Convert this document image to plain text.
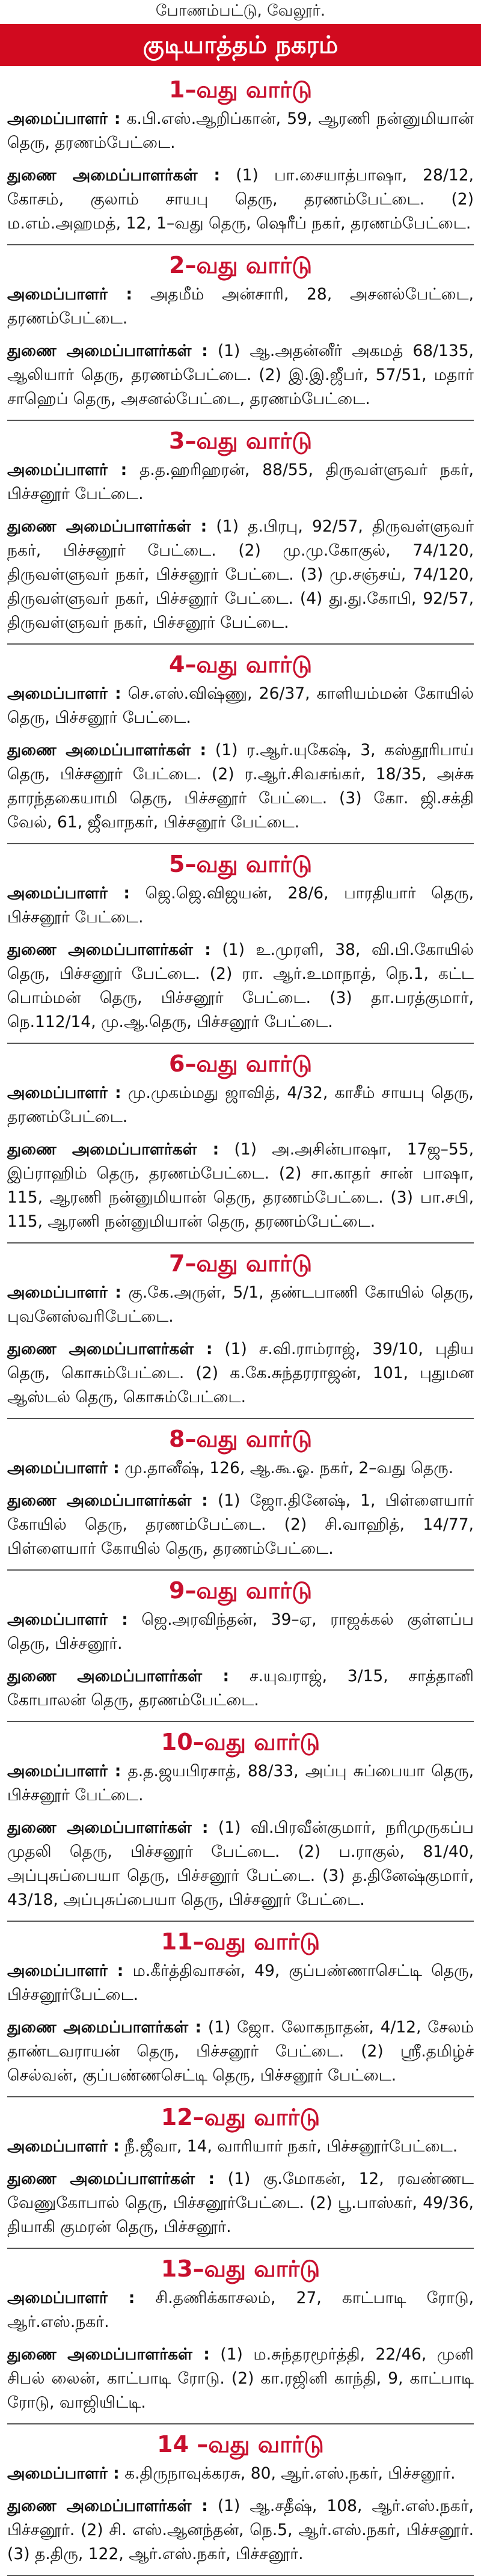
போணம்பட்டு, வேலூர்.
குடியாத்தம் நகரம்
1–வது வார்டு
அமைப்பாளர் : க.பி.எஸ்.ஆறிப்கான், 59, ஆரணி நன்னுமியான் தெரு, தரணம்பேட்டை.
துணை அமைப்பாளர்கள் : (1) பா.சையாத்பாஷா, 28/12, கோசம், குலாம் சாயபு தெரு, தரணம்பேட்டை. (2) ம.எம்.அஹமத், 12, 1–வது தெரு, ஷெரீப் நகர், தரணம்பேட்டை.
2–வது வார்டு
அமைப்பாளர் : அதமீம் அன்சாரி, 28, அசனல்பேட்டை, தரணம்பேட்டை.
துணை அமைப்பாளர்கள் : (1) ஆ.அதன்னீர் அகமத் 68/135, ஆலியார் தெரு, தரணம்பேட்டை. (2) இ.இ.ஜீபர், 57/51, மதார் சாஹெப் தெரு, அசனல்பேட்டை, தரணம்பேட்டை.
3–வது வார்டு
அமைப்பாளர் : த.த.ஹரிஹரன், 88/55, திருவள்ளுவர் நகர், பிச்சனூர் பேட்டை.
துணை அமைப்பாளர்கள் : (1) த.பிரபு, 92/57, திருவள்ளுவர் நகர், பிச்சனூர் பேட்டை. (2) மு.மு.கோகுல், 74/120, திருவள்ளுவர் நகர், பிச்சனூர் பேட்டை. (3) மு.சஞ்சய், 74/120, திருவள்ளுவர் நகர், பிச்சனூர் பேட்டை. (4) து.து.கோபி, 92/57, திருவள்ளுவர் நகர், பிச்சனூர் பேட்டை.
4–வது வார்டு
அமைப்பாளர் : செ.எஸ்.விஷ்ணு, 26/37, காளியம்மன் கோயில் தெரு, பிச்சனூர் பேட்டை.
துணை அமைப்பாளர்கள் : (1) ர.ஆர்.யுகேஷ், 3, கஸ்தூரிபாய் தெரு, பிச்சனூர் பேட்டை. (2) ர.ஆர்.சிவசங்கர், 18/35, அச்சு தாரந்தகையாமி தெரு, பிச்சனூர் பேட்டை. (3) கோ. ஜி.சக்தி வேல், 61, ஜீவாநகர், பிச்சனூர் பேட்டை.
5–வது வார்டு
அமைப்பாளர் : ஜெ.ஜெ.விஜயன், 28/6, பாரதியார் தெரு, பிச்சனூர் பேட்டை.
துணை அமைப்பாளர்கள் : (1) உ.முரளி, 38, வி.பி.கோயில் தெரு, பிச்சனூர் பேட்டை. (2) ரா. ஆர்.உமாநாத், நெ.1, கட்ட பொம்மன் தெரு, பிச்சனூர் பேட்டை. (3) தா.பரத்குமார், நெ.112/14, மு.ஆ.தெரு, பிச்சனூர் பேட்டை.
6–வது வார்டு
அமைப்பாளர் : மு.முகம்மது ஜாவித், 4/32, காசீம் சாயபு தெரு, தரணம்பேட்டை.
துணை அமைப்பாளர்கள் : (1) அ.அசின்பாஷா, 17ஜ–55, இப்ராஹிம் தெரு, தரணம்பேட்டை. (2) சா.காதர் சான் பாஷா, 115, ஆரணி நன்னுமியான் தெரு, தரணம்பேட்டை. (3) பா.சபி, 115, ஆரணி நன்னுமியான் தெரு, தரணம்பேட்டை.
7–வது வார்டு
அமைப்பாளர் : கு.கே.அருள், 5/1, தண்டபாணி கோயில் தெரு, புவனேஸ்வரிபேட்டை.
துணை அமைப்பாளர்கள் : (1) ச.வி.ராம்ராஜ், 39/10, புதிய தெரு, கொசும்பேட்டை. (2) க.கே.சுந்தரராஜன், 101, புதுமன ஆஸ்டல் தெரு, கொசும்பேட்டை.
8–வது வார்டு
அமைப்பாளர் : மு.தானீஷ், 126, ஆ.கூ.ஓ. நகர், 2–வது தெரு.
துணை அமைப்பாளர்கள் : (1) ஜோ.தினேஷ், 1, பிள்ளையார் கோயில் தெரு, தரணம்பேட்டை. (2) சி.வாஹித், 14/77, பிள்ளையார் கோயில் தெரு, தரணம்பேட்டை.
9–வது வார்டு
அமைப்பாளர் : ஜெ.அரவிந்தன், 39–ஏ, ராஜக்கல் குள்ளப்ப தெரு, பிச்சனூர்.
துணை அமைப்பாளர்கள் : ச.யுவராஜ், 3/15, சாத்தானி கோபாலன் தெரு, தரணம்பேட்டை.
10–வது வார்டு
அமைப்பாளர் : த.த.ஜயபிரசாத், 88/33, அப்பு சுப்பையா தெரு, பிச்சனூர் பேட்டை.
துணை அமைப்பாளர்கள் : (1) வி.பிரவீன்குமார், நரிமுருகப்ப முதலி தெரு, பிச்சனூர் பேட்டை. (2) ப.ராகுல், 81/40, அப்புசுப்பையா தெரு, பிச்சனூர் பேட்டை. (3) த.தினேஷ்குமார், 43/18, அப்புசுப்பையா தெரு, பிச்சனூர் பேட்டை.
11–வது வார்டு
அமைப்பாளர் : ம.கீர்த்திவாசன், 49, குப்பண்ணாசெட்டி தெரு, பிச்சனூர்பேட்டை.
துணை அமைப்பாளர்கள் : (1) ஜோ. லோகநாதன், 4/12, சேலம் தாண்டவராயன் தெரு, பிச்சனூர் பேட்டை. (2) ஸ்ரீ.தமிழ்ச் செல்வன், குப்பண்ணசெட்டி தெரு, பிச்சனூர் பேட்டை.
12–வது வார்டு
அமைப்பாளர் : நீ.ஜீவா, 14, வாரியார் நகர், பிச்சனூர்பேட்டை.
துணை அமைப்பாளர்கள் : (1) கு.மோகன், 12, ரவண்ணட வேணுகோபால் தெரு, பிச்சனூர்பேட்டை. (2) பூ.பாஸ்கர், 49/36, தியாகி குமரன் தெரு, பிச்சனூர்.
13–வது வார்டு
அமைப்பாளர் : சி.தணிக்காசலம், 27, காட்பாடி ரோடு, ஆர்.எஸ்.நகர்.
துணை அமைப்பாளர்கள் : (1) ம.சுந்தரமூர்த்தி, 22/46, முனி சிபல் லைன், காட்பாடி ரோடு. (2) கா.ரஜினி காந்தி, 9, காட்பாடி ரோடு, வாஜியிட்டி.
14 –வது வார்டு
அமைப்பாளர் : க.திருநாவுக்கரசு, 80, ஆர்.எஸ்.நகர், பிச்சனூர்.
துணை அமைப்பாளர்கள் : (1) ஆ.சதீஷ், 108, ஆர்.எஸ்.நகர், பிச்சனூர். (2) சி. எஸ்.ஆனந்தன், நெ.5, ஆர்.எஸ்.நகர், பிச்சனூர். (3) த.திரு, 122, ஆர்.எஸ்.நகர், பிச்சனூர்.
